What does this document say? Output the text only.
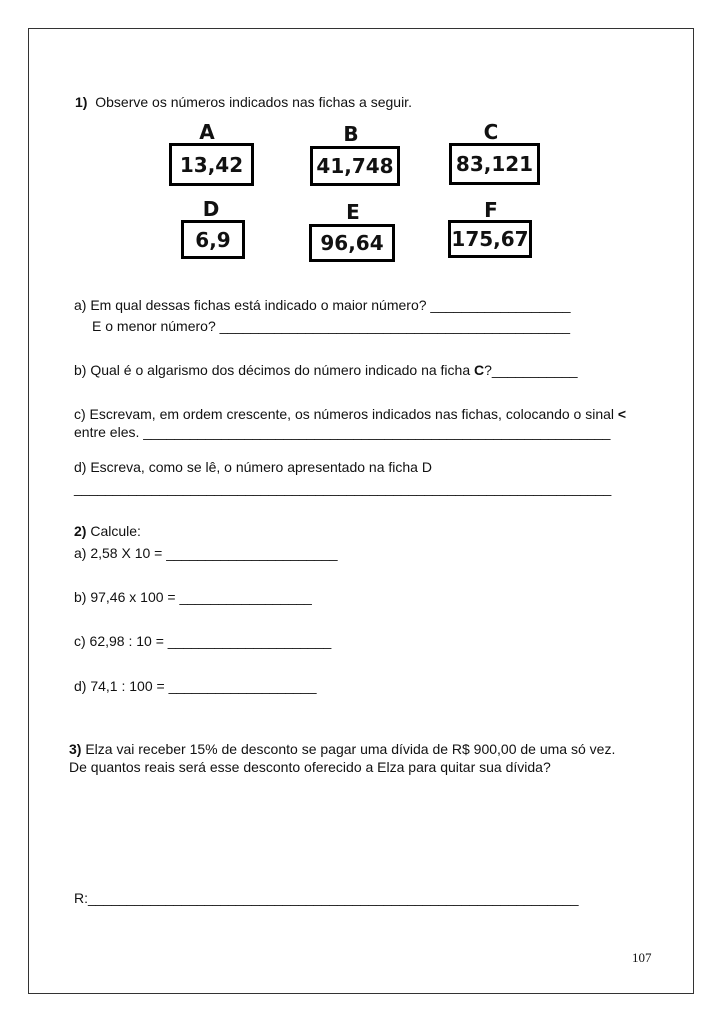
1) Observe os números indicados nas fichas a seguir.
A
13,42
B
41,748
C
83,121
D
6,9
E
96,64
F
175,67
a) Em qual dessas fichas está indicado o maior número? __________________
E o menor número? _____________________________________________
b) Qual é o algarismo dos décimos do número indicado na ficha C?___________
c) Escrevam, em ordem crescente, os números indicados nas fichas, colocando o sinal <
entre eles. ____________________________________________________________
d) Escreva, como se lê, o número apresentado na ficha D
_____________________________________________________________________
2) Calcule:
a) 2,58 X 10 = ______________________
b) 97,46 x 100 = _________________
c) 62,98 : 10 = _____________________
d) 74,1 : 100 = ___________________
3) Elza vai receber 15% de desconto se pagar uma dívida de R$ 900,00 de uma só vez.
De quantos reais será esse desconto oferecido a Elza para quitar sua dívida?
R:_______________________________________________________________
107
